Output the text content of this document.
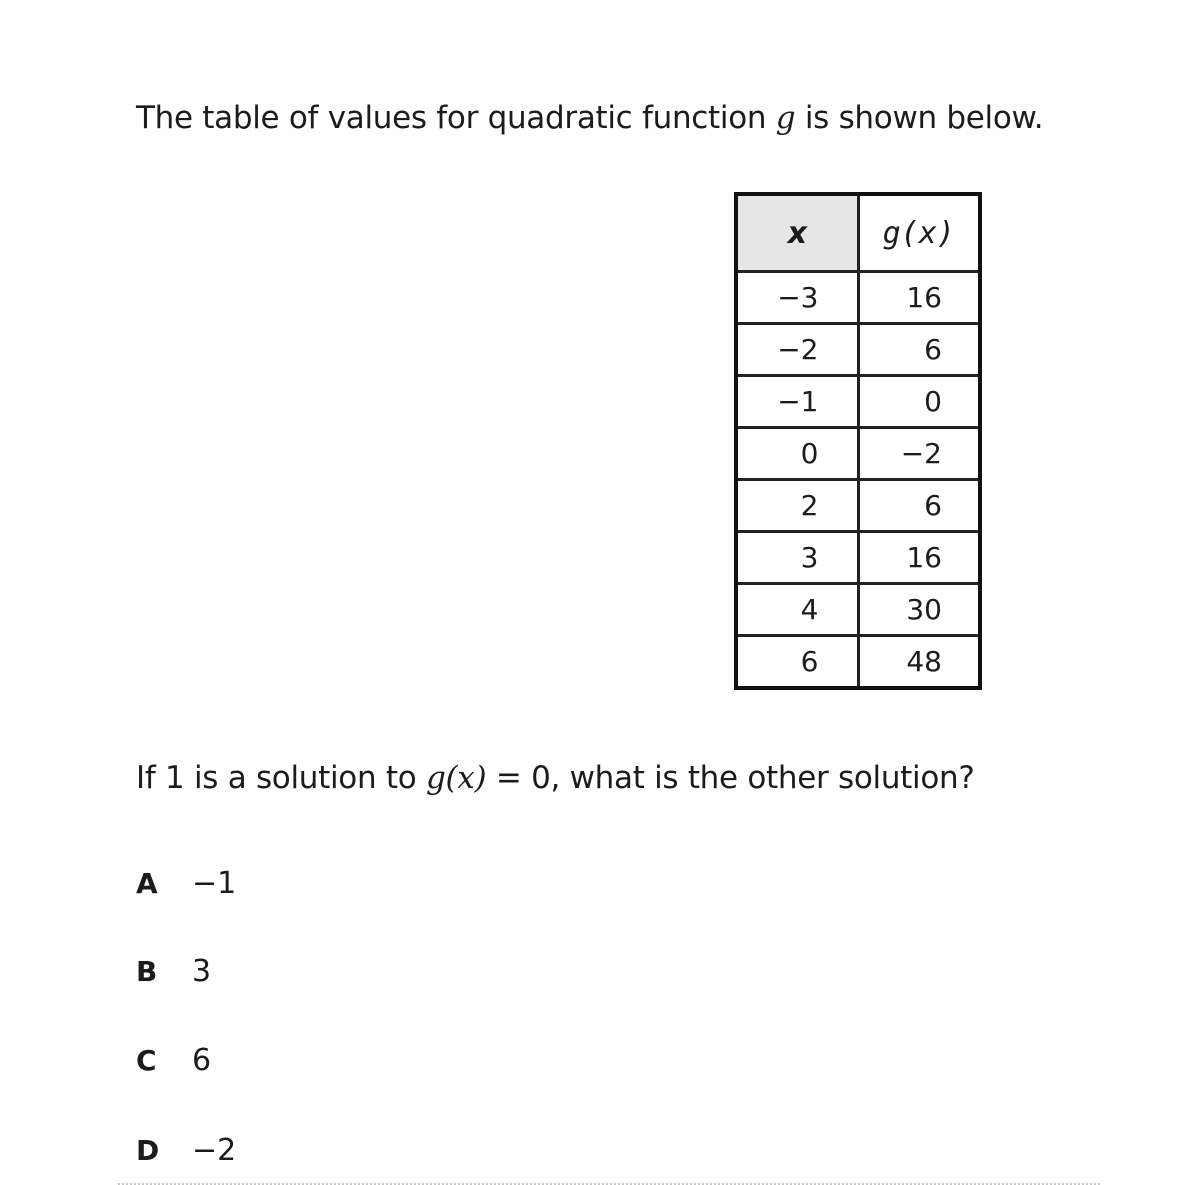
The table of values for quadratic function g is shown below.
x	g(x)
−3	16
−2	6
−1	0
0	−2
2	6
3	16
4	30
6	48
If 1 is a solution to g(x) = 0, what is the other solution?
A −1
B 3
C 6
D −2
